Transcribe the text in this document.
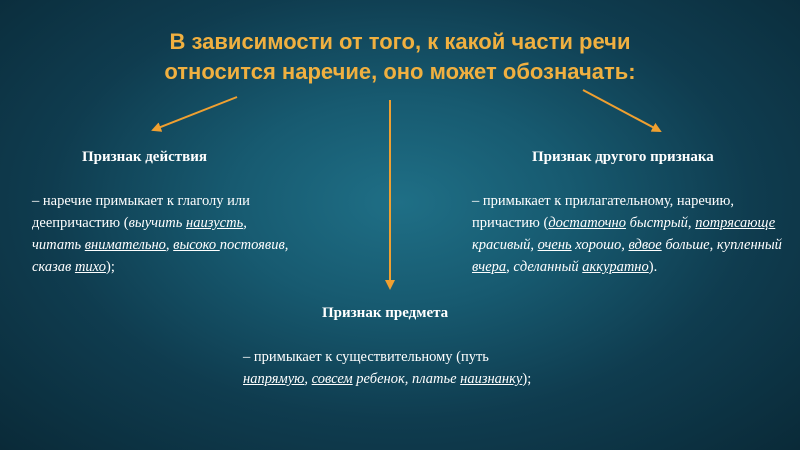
В зависимости от того, к какой части речи
относится наречие, оно может обозначать:
Признак действия	Признак другого признака
Признак предмета
– наречие примыкает к глаголу или деепричастию (выучить наизусть, читать внимательно, высоко постоявив, сказав тихо);
– примыкает к прилагательному, наречию, причастию (достаточно быстрый, потрясающе красивый, очень хорошо, вдвое больше, купленный вчера, сделанный аккуратно).
– примыкает к существительному (путь напрямую, совсем ребенок, платье наизнанку);
